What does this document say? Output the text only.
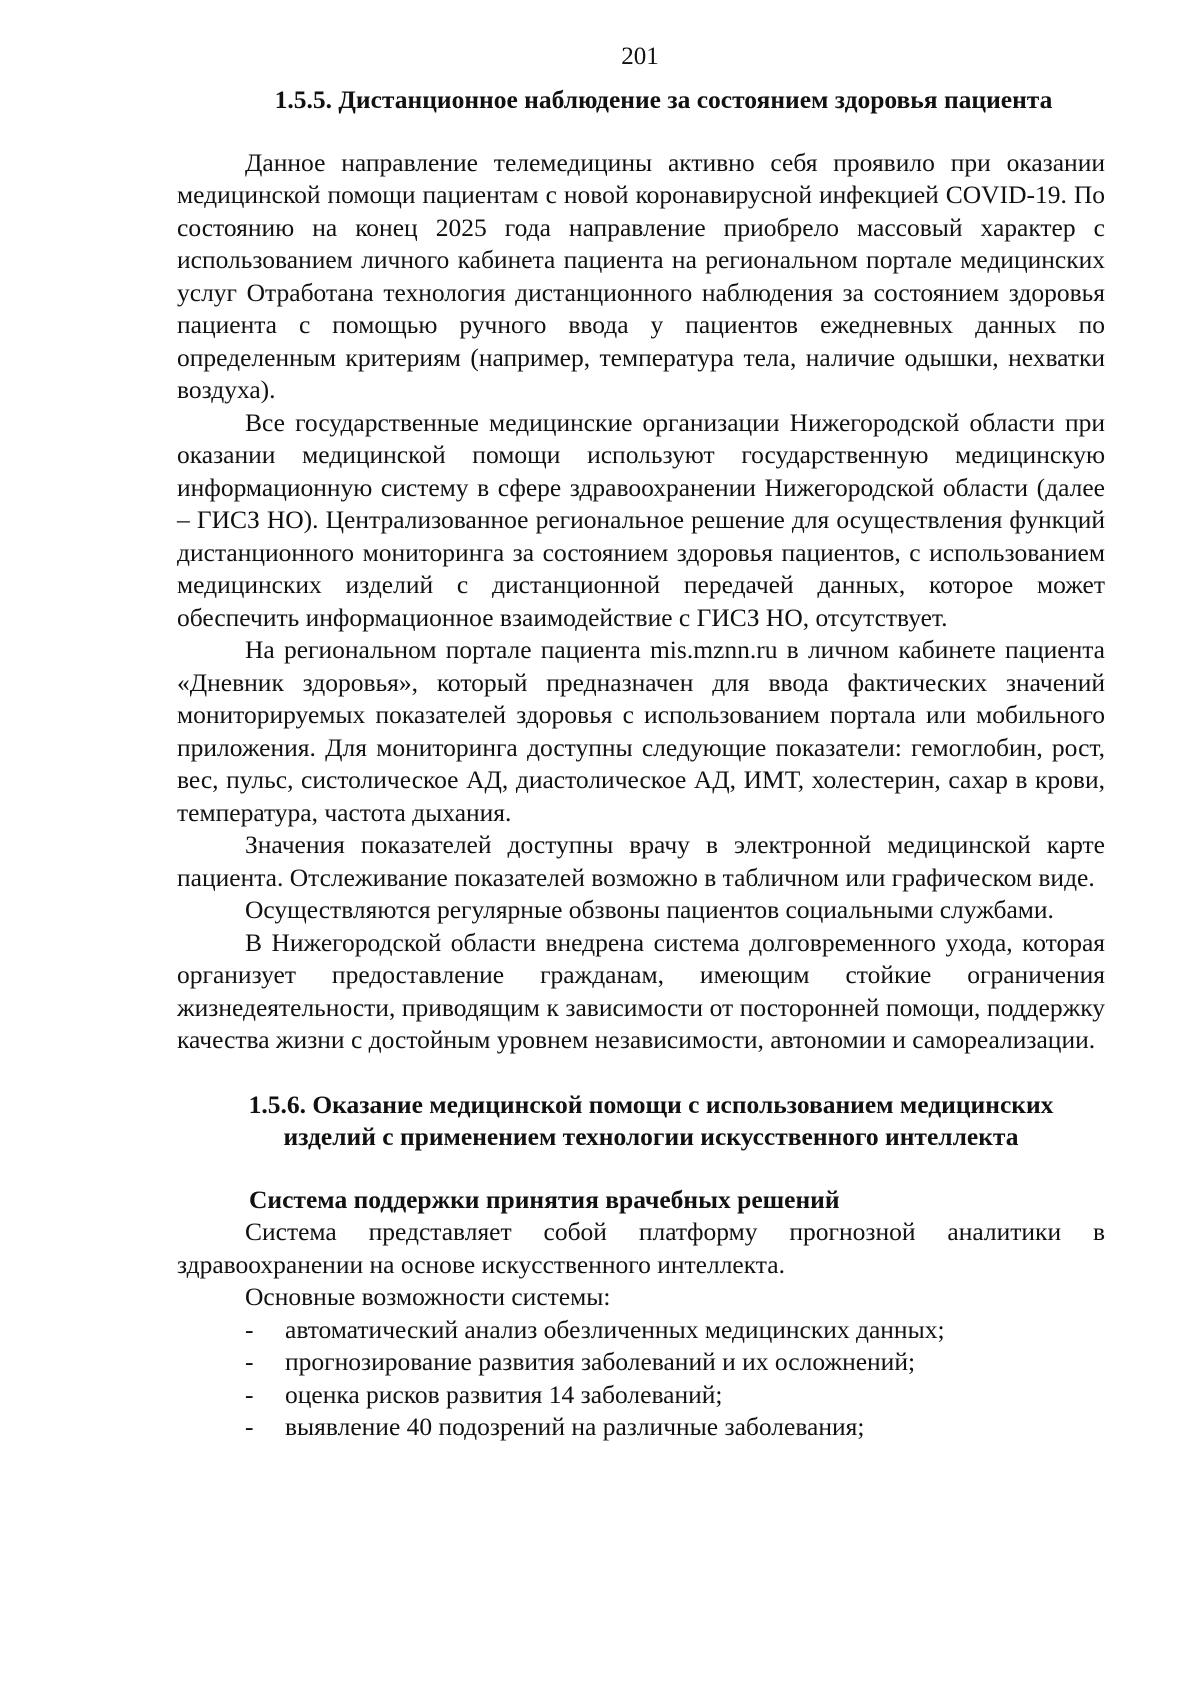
201
1.5.5. Дистанционное наблюдение за состоянием здоровья пациента

Данное направление телемедицины активно себя проявило при оказании медицинской помощи пациентам с новой коронавирусной инфекцией COVID-19. По состоянию на конец 2025 года направление приобрело массовый характер с использованием личного кабинета пациента на региональном портале медицинских услуг Отработана технология дистанционного наблюдения за состоянием здоровья пациента с помощью ручного ввода у пациентов ежедневных данных по определенным критериям (например, температура тела, наличие одышки, нехватки воздуха).

Все государственные медицинские организации Нижегородской области при оказании медицинской помощи используют государственную медицинскую информационную систему в сфере здравоохранении Нижегородской области (далее – ГИСЗ НО). Централизованное региональное решение для осуществления функций дистанционного мониторинга за состоянием здоровья пациентов, с использованием медицинских изделий с дистанционной передачей данных, которое может обеспечить информационное взаимодействие с ГИСЗ НО, отсутствует.

На региональном портале пациента mis.mznn.ru в личном кабинете пациента «Дневник здоровья», который предназначен для ввода фактических значений мониторируемых показателей здоровья с использованием портала или мобильного приложения. Для мониторинга доступны следующие показатели: гемоглобин, рост, вес, пульс, систолическое АД, диастолическое АД, ИМТ, холестерин, сахар в крови, температура, частота дыхания.

Значения показателей доступны врачу в электронной медицинской карте пациента. Отслеживание показателей возможно в табличном или графическом виде.

Осуществляются регулярные обзвоны пациентов социальными службами.

В Нижегородской области внедрена система долговременного ухода, которая организует предоставление гражданам, имеющим стойкие ограничения жизнедеятельности, приводящим к зависимости от посторонней помощи, поддержку качества жизни с достойным уровнем независимости, автономии и самореализации.

1.5.6. Оказание медицинской помощи с использованием медицинских
изделий с применением технологии искусственного интеллекта
Система поддержки принятия врачебных решений

Система представляет собой платформу прогнозной аналитики в здравоохранении на основе искусственного интеллекта.

Основные возможности системы:

- автоматический анализ обезличенных медицинских данных;
- прогнозирование развития заболеваний и их осложнений;
- оценка рисков развития 14 заболеваний;
- выявление 40 подозрений на различные заболевания;
